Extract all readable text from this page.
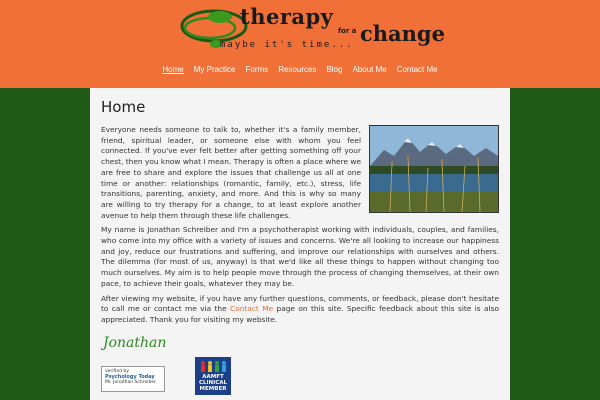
therapy
for a change
maybe it's time...
Home My Practice Forms Resources Blog About Me Contact Me
Home

Everyone needs someone to talk to, whether it's a family member, friend, spiritual leader, or someone else with whom you feel connected. If you've ever felt better after getting something off your chest, then you know what I mean. Therapy is often a place where we are free to share and explore the issues that challenge us all at one time or another: relationships (romantic, family, etc.), stress, life transitions, parenting, anxiety, and more. And this is why so many are willing to try therapy for a change, to at least explore another avenue to help them through these life challenges.

My name is Jonathan Schreiber and I'm a psychotherapist working with individuals, couples, and families, who come into my office with a variety of issues and concerns. We're all looking to increase our happiness and joy, reduce our frustrations and suffering, and improve our relationships with ourselves and others. The dilemma (for most of us, anyway) is that we'd like all these things to happen without changing too much ourselves. My aim is to help people move through the process of changing themselves, at their own pace, to achieve their goals, whatever they may be.

After viewing my website, if you have any further questions, comments, or feedback, please don't hesitate to call me or contact me via the Contact Me page on this site. Specific feedback about this site is also appreciated. Thank you for visiting my website.

Jonathan
verified by
Psychology Today
Mr. Jonathan Schreiber
AAMFT
CLINICAL
MEMBER
